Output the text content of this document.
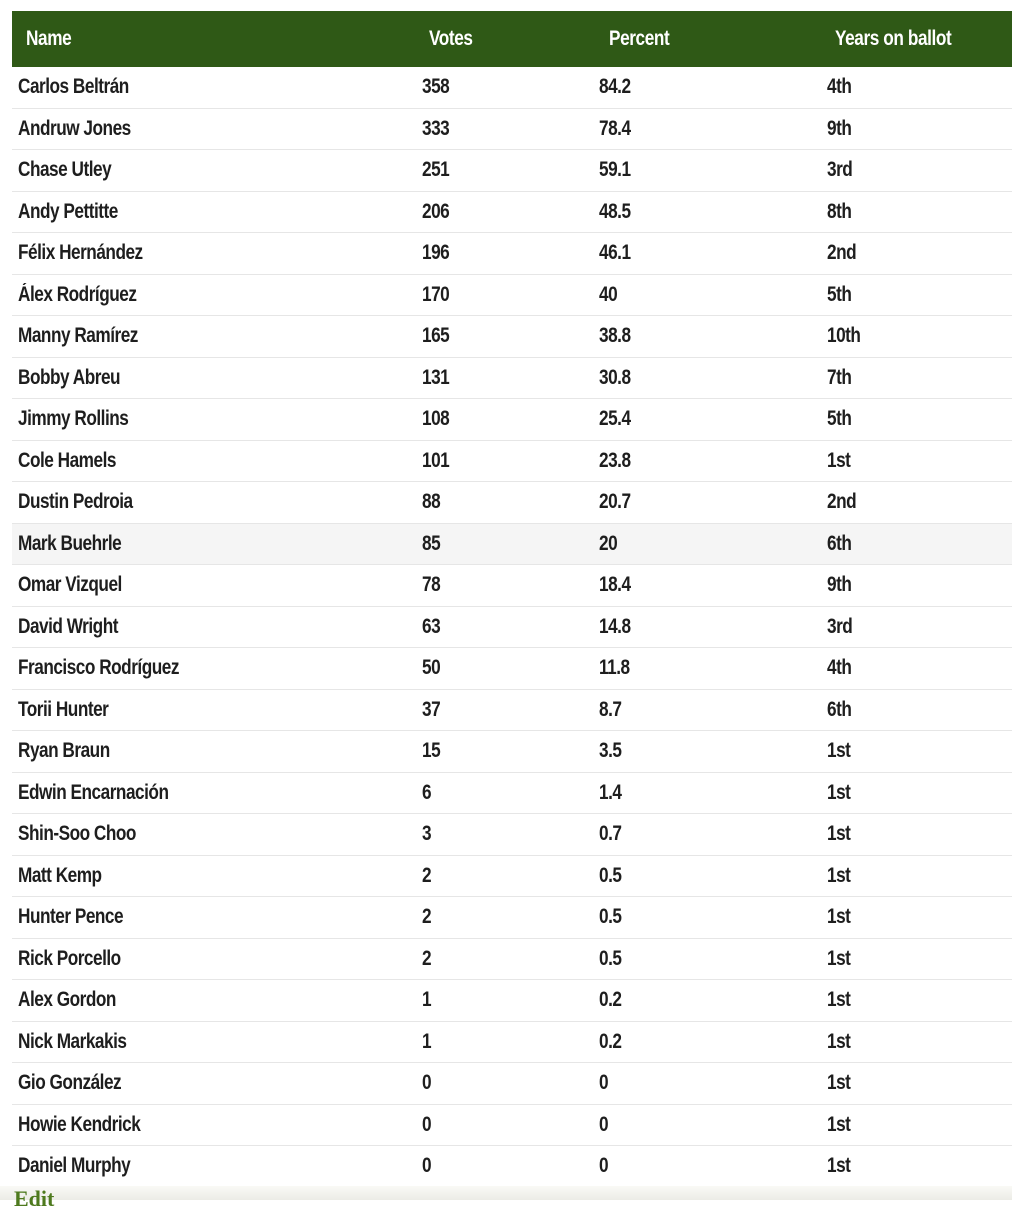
Name	Votes	Percent	Years on ballot
Carlos Beltrán	358	84.2	4th
Andruw Jones	333	78.4	9th
Chase Utley	251	59.1	3rd
Andy Pettitte	206	48.5	8th
Félix Hernández	196	46.1	2nd
Álex Rodríguez	170	40	5th
Manny Ramírez	165	38.8	10th
Bobby Abreu	131	30.8	7th
Jimmy Rollins	108	25.4	5th
Cole Hamels	101	23.8	1st
Dustin Pedroia	88	20.7	2nd
Mark Buehrle	85	20	6th
Omar Vizquel	78	18.4	9th
David Wright	63	14.8	3rd
Francisco Rodríguez	50	11.8	4th
Torii Hunter	37	8.7	6th
Ryan Braun	15	3.5	1st
Edwin Encarnación	6	1.4	1st
Shin-Soo Choo	3	0.7	1st
Matt Kemp	2	0.5	1st
Hunter Pence	2	0.5	1st
Rick Porcello	2	0.5	1st
Alex Gordon	1	0.2	1st
Nick Markakis	1	0.2	1st
Gio González	0	0	1st
Howie Kendrick	0	0	1st
Daniel Murphy	0	0	1st
Edit
